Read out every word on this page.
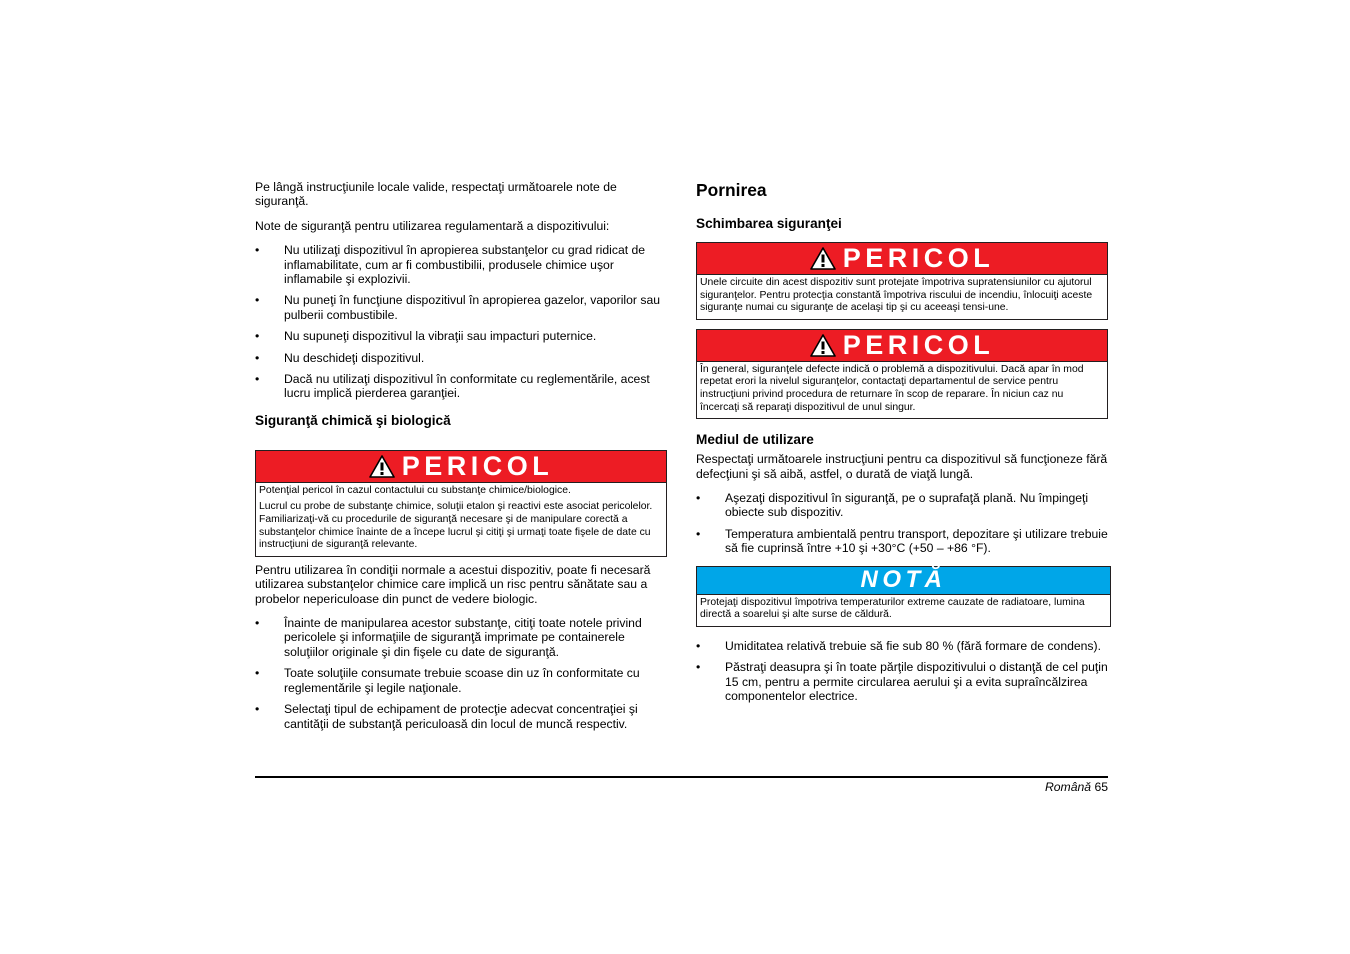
Pe lângă instrucţiunile locale valide, respectaţi următoarele note de siguranţă.

Note de siguranţă pentru utilizarea regulamentară a dispozitivului:

• Nu utilizaţi dispozitivul în apropierea substanţelor cu grad ridicat de inflamabilitate, cum ar fi combustibilii, produsele chimice uşor inflamabile şi explozivii.
• Nu puneţi în funcţiune dispozitivul în apropierea gazelor, vaporilor sau pulberii combustibile.
• Nu supuneţi dispozitivul la vibraţii sau impacturi puternice.
• Nu deschideţi dispozitivul.
• Dacă nu utilizaţi dispozitivul în conformitate cu reglementările, acest lucru implică pierderea garanţiei.
Siguranţă chimică şi biologică
PERICOL
Potenţial pericol în cazul contactului cu substanţe chimice/biologice.
Lucrul cu probe de substanţe chimice, soluţii etalon şi reactivi este asociat pericolelor.
Familiarizaţi-vă cu procedurile de siguranţă necesare şi de manipulare corectă a substanţelor chimice înainte de a începe lucrul şi citiţi şi urmaţi toate fişele de date cu instrucţiuni de siguranţă relevante.

Pentru utilizarea în condiţii normale a acestui dispozitiv, poate fi necesară utilizarea substanţelor chimice care implică un risc pentru sănătate sau a probelor nepericuloase din punct de vedere biologic.

• Înainte de manipularea acestor substanţe, citiţi toate notele privind pericolele şi informaţiile de siguranţă imprimate pe containerele soluţiilor originale şi din fişele cu date de siguranţă.
• Toate soluţiile consumate trebuie scoase din uz în conformitate cu reglementările şi legile naţionale.
• Selectaţi tipul de echipament de protecţie adecvat concentraţiei şi cantităţii de substanţă periculoasă din locul de muncă respectiv.
Pornirea
Schimbarea siguranţei
PERICOL
Unele circuite din acest dispozitiv sunt protejate împotriva supratensiunilor cu ajutorul siguranţelor. Pentru protecţia constantă împotriva riscului de incendiu, înlocuiţi aceste siguranţe numai cu siguranţe de acelaşi tip şi cu aceeaşi tensi-une.
PERICOL
În general, siguranţele defecte indică o problemă a dispozitivului. Dacă apar în mod repetat erori la nivelul siguranţelor, contactaţi departamentul de service pentru instrucţiuni privind procedura de returnare în scop de reparare. În niciun caz nu încercaţi să reparaţi dispozitivul de unul singur.
Mediul de utilizare

Respectaţi următoarele instrucţiuni pentru ca dispozitivul să funcţioneze fără defecţiuni şi să aibă, astfel, o durată de viaţă lungă.

• Aşezaţi dispozitivul în siguranţă, pe o suprafaţă plană. Nu împingeţi obiecte sub dispozitiv.
• Temperatura ambientală pentru transport, depozitare şi utilizare trebuie să fie cuprinsă între +10 şi +30°C (+50 – +86 °F).
NOTĂ
Protejaţi dispozitivul împotriva temperaturilor extreme cauzate de radiatoare, lumina directă a soarelui şi alte surse de căldură.
• Umiditatea relativă trebuie să fie sub 80 % (fără formare de condens).
• Păstraţi deasupra şi în toate părţile dispozitivului o distanţă de cel puţin 15 cm, pentru a permite circularea aerului şi a evita supraîncălzirea componentelor electrice.
Română 65
